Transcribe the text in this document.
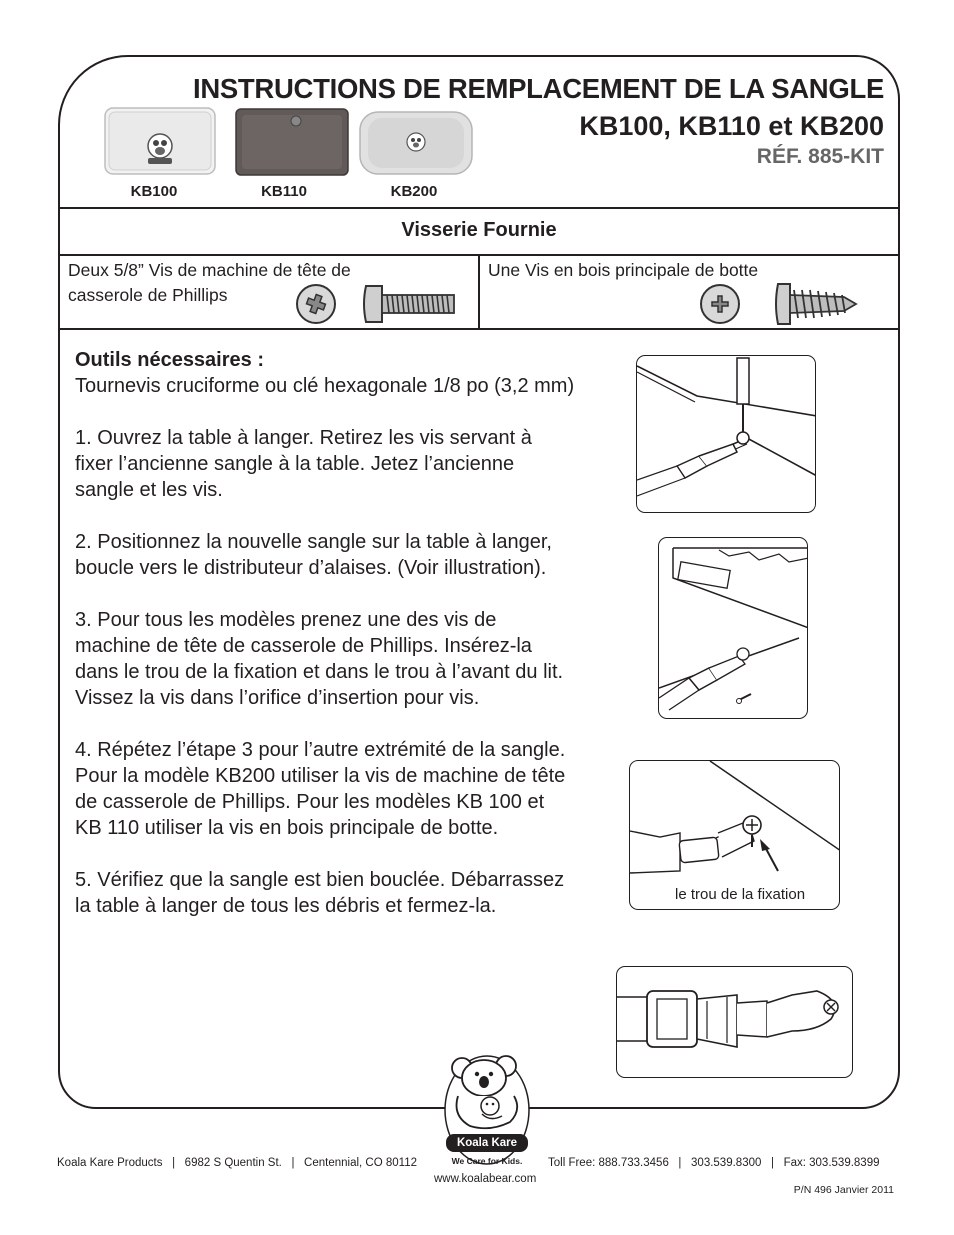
INSTRUCTIONS DE REMPLACEMENT DE LA SANGLE
KB100, KB110 et KB200
RÉF. 885-KIT
KB100	KB110	KB200
Visserie Fournie
Deux 5/8” Vis de machine de tête de casserole de Phillips
Une Vis en bois principale de botte

Outils nécessaires :
Tournevis cruciforme ou clé hexagonale 1/8 po (3,2 mm)

1. Ouvrez la table à langer. Retirez les vis servant à fixer l’ancienne sangle à la table. Jetez l’ancienne sangle et les vis.

2. Positionnez la nouvelle sangle sur la table à langer, boucle vers le distributeur d’alaises. (Voir illustration).

3. Pour tous les modèles prenez une des vis de machine de tête de casserole de Phillips. Insérez-la dans le trou de la fixation et dans le trou à l’avant du lit. Vissez la vis dans l’orifice d’insertion pour vis.

4. Répétez l’étape 3 pour l’autre extrémité de la sangle. Pour la modèle KB200 utiliser la vis de machine de tête de casserole de Phillips. Pour les modèles KB 100 et KB 110 utiliser la vis en bois principale de botte.

5. Vérifiez que la sangle est bien bouclée. Débarrassez la table à langer de tous les débris et fermez-la.

le trou de la fixation
Koala Kare
We Care for Kids.
Koala Kare Products   |   6982 S Quentin St.   |   Centennial, CO 80112	Toll Free: 888.733.3456   |   303.539.8300   |   Fax: 303.539.8399
www.koalabear.com
P/N 496 Janvier 2011
